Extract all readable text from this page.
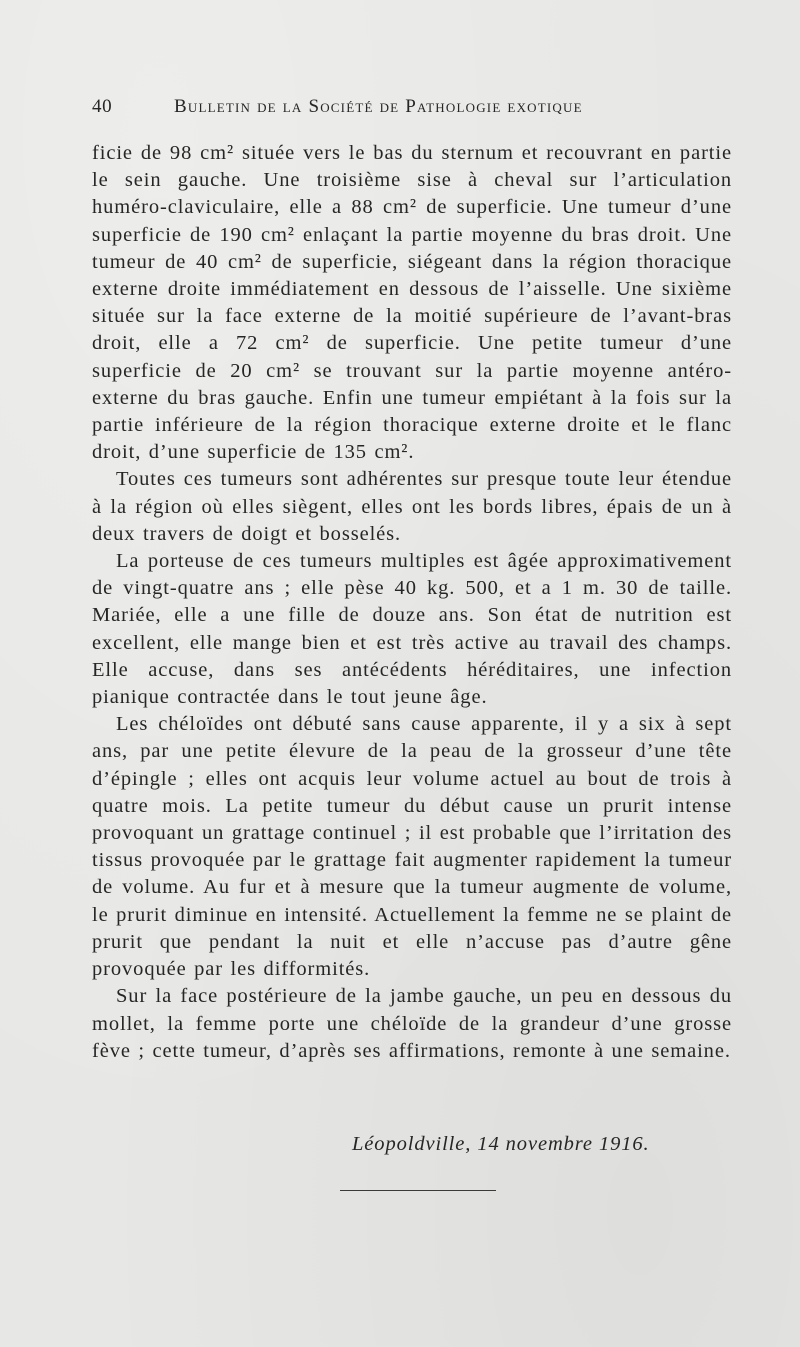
40	Bulletin de la Société de Pathologie exotique

ficie de 98 cm² située vers le bas du sternum et recouvrant en partie le sein gauche. Une troisième sise à cheval sur l’articulation huméro-claviculaire, elle a 88 cm² de superficie. Une tumeur d’une superficie de 190 cm² enlaçant la partie moyenne du bras droit. Une tumeur de 40 cm² de superficie, siégeant dans la région thoracique externe droite immédiatement en dessous de l’aisselle. Une sixième située sur la face externe de la moitié supérieure de l’avant-bras droit, elle a 72 cm² de superficie. Une petite tumeur d’une superficie de 20 cm² se trouvant sur la partie moyenne antéro-externe du bras gauche. Enfin une tumeur empiétant à la fois sur la partie inférieure de la région thoracique externe droite et le flanc droit, d’une superficie de 135 cm².

Toutes ces tumeurs sont adhérentes sur presque toute leur étendue à la région où elles siègent, elles ont les bords libres, épais de un à deux travers de doigt et bosselés.

La porteuse de ces tumeurs multiples est âgée approximativement de vingt-quatre ans ; elle pèse 40 kg. 500, et a 1 m. 30 de taille. Mariée, elle a une fille de douze ans. Son état de nutrition est excellent, elle mange bien et est très active au travail des champs. Elle accuse, dans ses antécédents héréditaires, une infection pianique contractée dans le tout jeune âge.

Les chéloïdes ont débuté sans cause apparente, il y a six à sept ans, par une petite élevure de la peau de la grosseur d’une tête d’épingle ; elles ont acquis leur volume actuel au bout de trois à quatre mois. La petite tumeur du début cause un prurit intense provoquant un grattage continuel ; il est probable que l’irritation des tissus provoquée par le grattage fait augmenter rapidement la tumeur de volume. Au fur et à mesure que la tumeur augmente de volume, le prurit diminue en intensité. Actuellement la femme ne se plaint de prurit que pendant la nuit et elle n’accuse pas d’autre gêne provoquée par les difformités.

Sur la face postérieure de la jambe gauche, un peu en dessous du mollet, la femme porte une chéloïde de la grandeur d’une grosse fève ; cette tumeur, d’après ses affirmations, remonte à une semaine.

Léopoldville, 14 novembre 1916.
